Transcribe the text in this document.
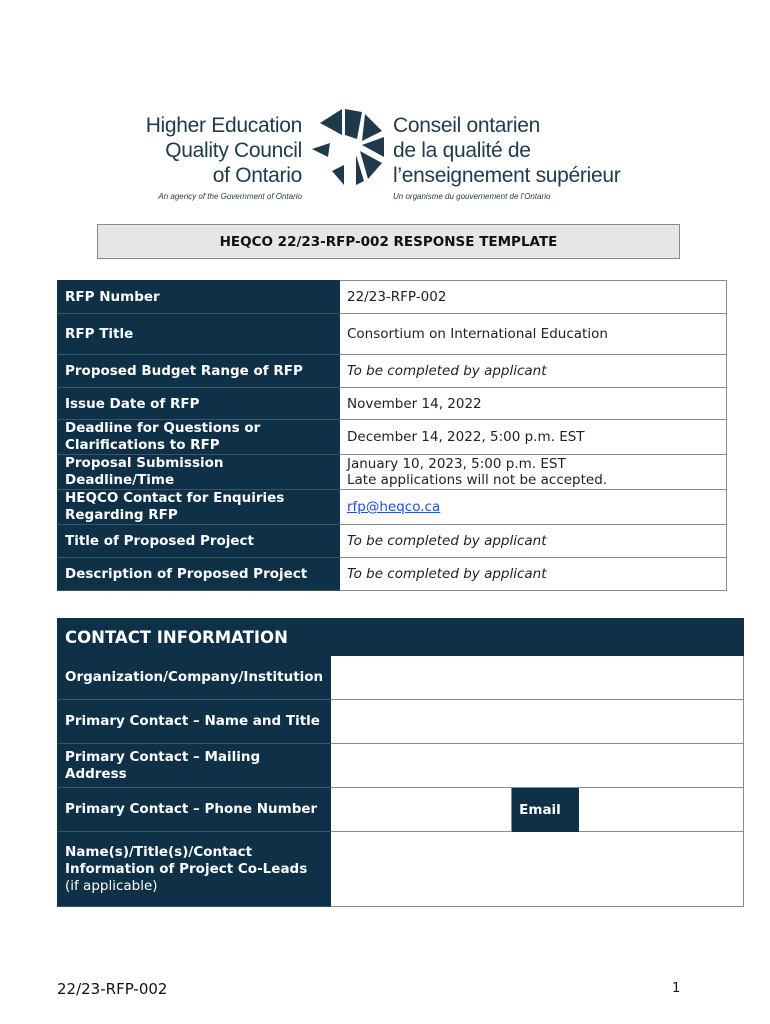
Higher Education
Quality Council
of Ontario
An agency of the Government of Ontario
Conseil ontarien
de la qualité de
l’enseignement supérieur
Un organisme du gouvernement de l’Ontario
HEQCO 22/23-RFP-002 RESPONSE TEMPLATE
RFP Number	22/23-RFP-002
RFP Title	Consortium on International Education
Proposed Budget Range of RFP	To be completed by applicant
Issue Date of RFP	November 14, 2022
Deadline for Questions or Clarifications to RFP	December 14, 2022, 5:00 p.m. EST
Proposal Submission Deadline/Time	January 10, 2023, 5:00 p.m. EST
Late applications will not be accepted.

HEQCO Contact for Enquiries Regarding RFP	rfp@heqco.ca
Title of Proposed Project	To be completed by applicant
Description of Proposed Project	To be completed by applicant
CONTACT INFORMATION			
Organization/Company/Institution			
Primary Contact – Name and Title			
Primary Contact – Mailing Address			
Primary Contact – Phone Number		Email	
Name(s)/Title(s)/Contact Information of Project Co-Leads (if applicable)			
22/23-RFP-002	1
